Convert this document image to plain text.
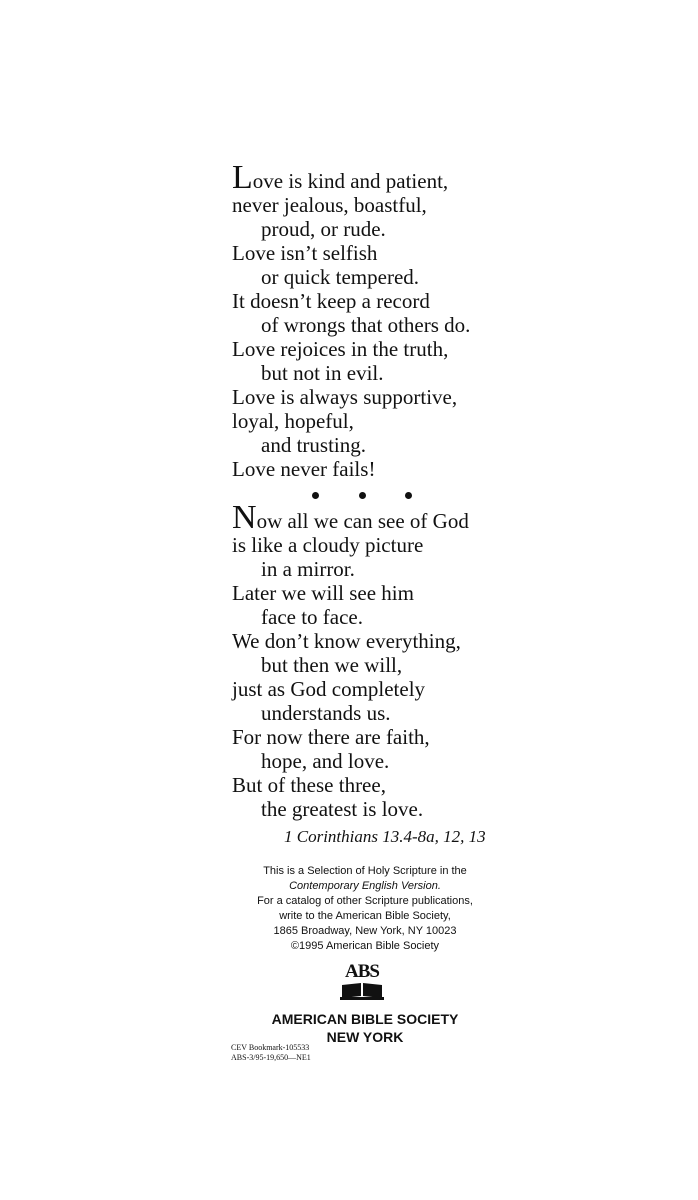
Love is kind and patient,
never jealous, boastful,
proud, or rude.
Love isn’t selfish
or quick tempered.
It doesn’t keep a record
of wrongs that others do.
Love rejoices in the truth,
but not in evil.
Love is always supportive,
loyal, hopeful,
and trusting.
Love never fails!
Now all we can see of God
is like a cloudy picture
in a mirror.
Later we will see him
face to face.
We don’t know everything,
but then we will,
just as God completely
understands us.
For now there are faith,
hope, and love.
But of these three,
the greatest is love.
1 Corinthians 13.4-8a, 12, 13
This is a Selection of Holy Scripture in the
Contemporary English Version.
For a catalog of other Scripture publications,
write to the American Bible Society,
1865 Broadway, New York, NY 10023
©1995 American Bible Society
ABS
AMERICAN BIBLE SOCIETY
NEW YORK
CEV Bookmark-105533
ABS-3/95-19,650—NE1
